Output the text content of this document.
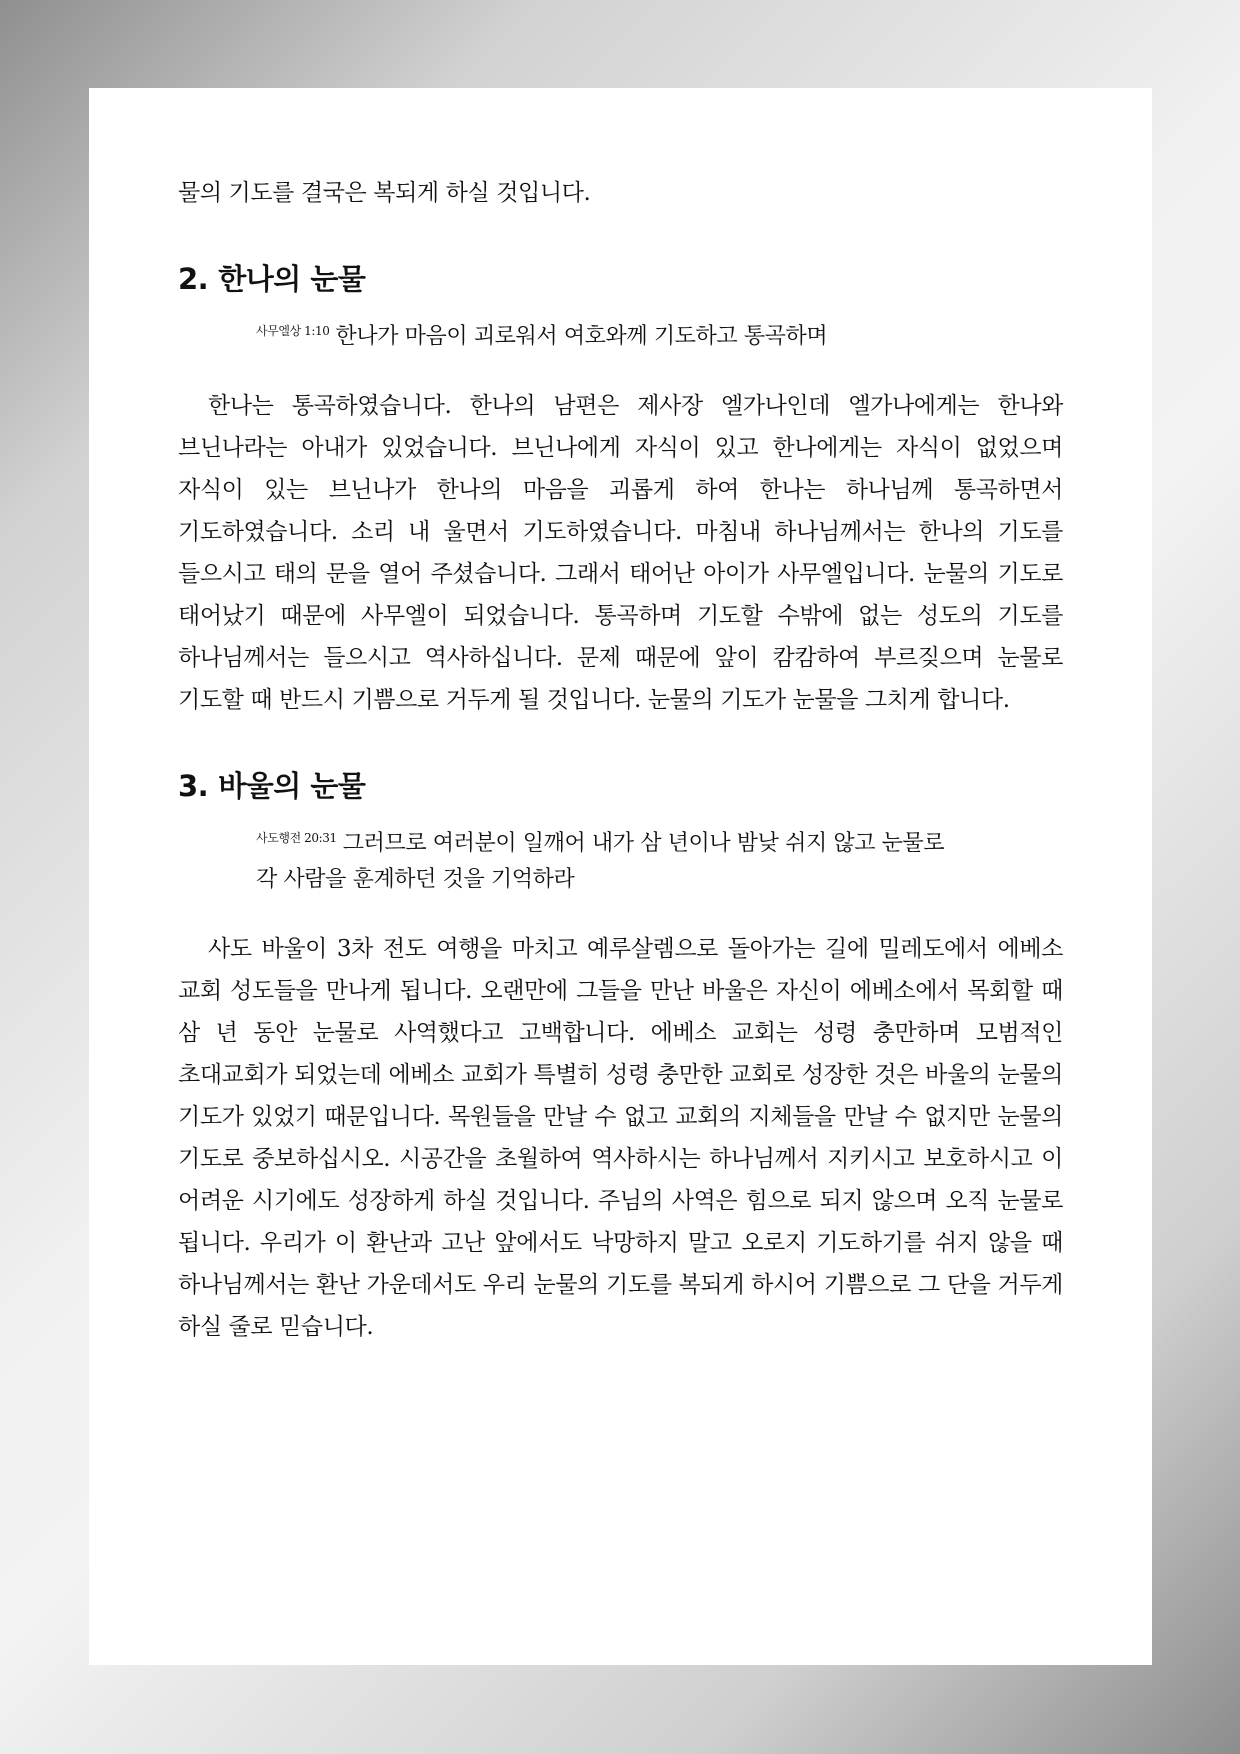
물의 기도를 결국은 복되게 하실 것입니다.

2. 한나의 눈물
$^{사무엘상 1:10}$ 한나가 마음이 괴로워서 여호와께 기도하고 통곡하며

한나는 통곡하였습니다. 한나의 남편은 제사장 엘가나인데 엘가나에게는 한나와 브닌나라는 아내가 있었습니다. 브닌나에게 자식이 있고 한나에게는 자식이 없었으며 자식이 있는 브닌나가 한나의 마음을 괴롭게 하여 한나는 하나님께 통곡하면서 기도하였습니다. 소리 내 울면서 기도하였습니다. 마침내 하나님께서는 한나의 기도를 들으시고 태의 문을 열어 주셨습니다. 그래서 태어난 아이가 사무엘입니다. 눈물의 기도로 태어났기 때문에 사무엘이 되었습니다. 통곡하며 기도할 수밖에 없는 성도의 기도를 하나님께서는 들으시고 역사하십니다. 문제 때문에 앞이 캄캄하여 부르짖으며 눈물로 기도할 때 반드시 기쁨으로 거두게 될 것입니다. 눈물의 기도가 눈물을 그치게 합니다.

3. 바울의 눈물
$^{사도행전 20:31}$ 그러므로 여러분이 일깨어 내가 삼 년이나 밤낮 쉬지 않고 눈물로
각 사람을 훈계하던 것을 기억하라

사도 바울이 3차 전도 여행을 마치고 예루살렘으로 돌아가는 길에 밀레도에서 에베소 교회 성도들을 만나게 됩니다. 오랜만에 그들을 만난 바울은 자신이 에베소에서 목회할 때 삼 년 동안 눈물로 사역했다고 고백합니다. 에베소 교회는 성령 충만하며 모범적인 초대교회가 되었는데 에베소 교회가 특별히 성령 충만한 교회로 성장한 것은 바울의 눈물의 기도가 있었기 때문입니다. 목원들을 만날 수 없고 교회의 지체들을 만날 수 없지만 눈물의 기도로 중보하십시오. 시공간을 초월하여 역사하시는 하나님께서 지키시고 보호하시고 이 어려운 시기에도 성장하게 하실 것입니다. 주님의 사역은 힘으로 되지 않으며 오직 눈물로 됩니다. 우리가 이 환난과 고난 앞에서도 낙망하지 말고 오로지 기도하기를 쉬지 않을 때 하나님께서는 환난 가운데서도 우리 눈물의 기도를 복되게 하시어 기쁨으로 그 단을 거두게 하실 줄로 믿습니다.
